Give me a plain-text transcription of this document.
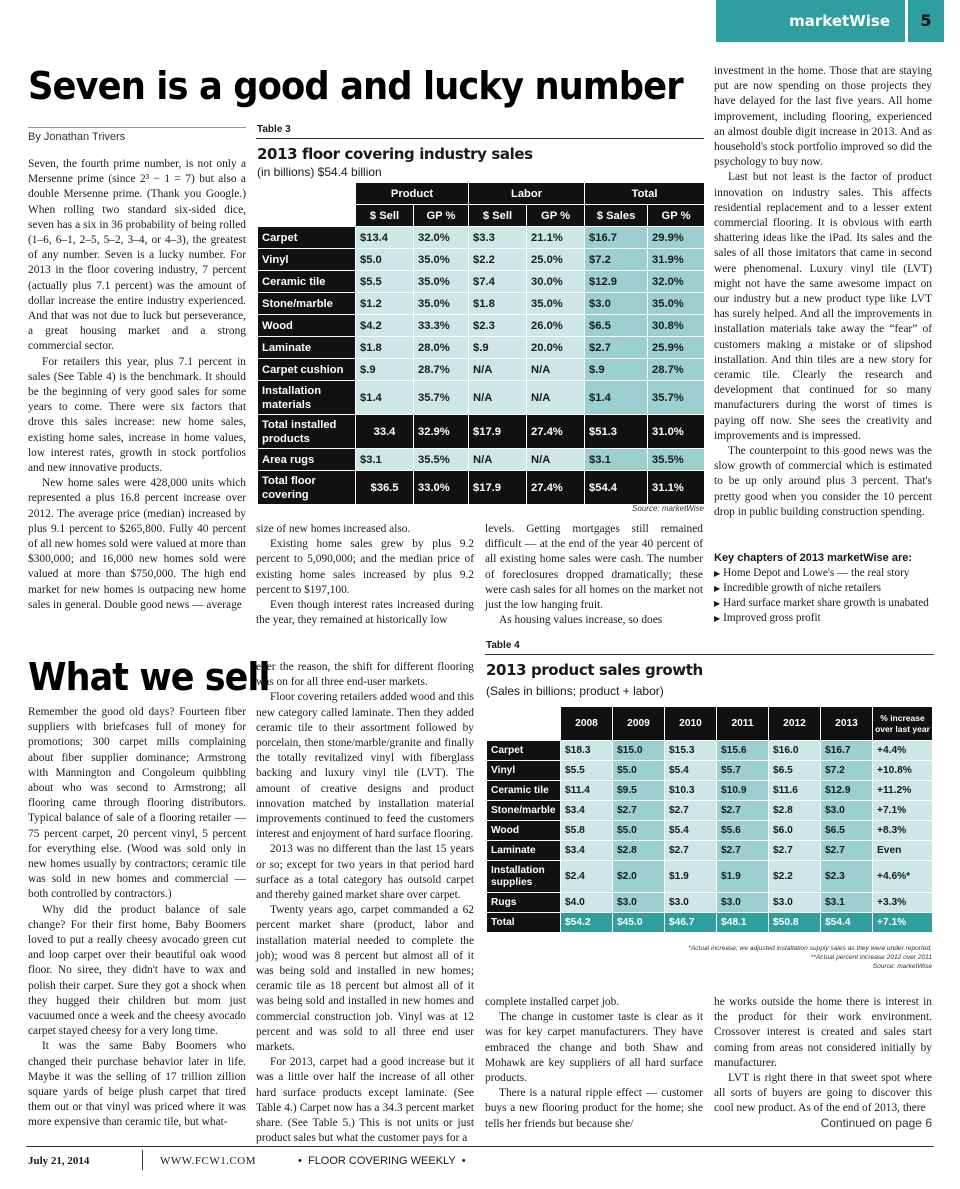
marketWise	5
Seven is a good and lucky number
By Jonathan Trivers

Seven, the fourth prime number, is not only a Mersenne prime (since 2³ − 1 = 7) but also a double Mersenne prime. (Thank you Google.) When rolling two standard six-sided dice, seven has a six in 36 probability of being rolled (1–6, 6–1, 2–5, 5–2, 3–4, or 4–3), the greatest of any number. Seven is a lucky number. For 2013 in the floor covering industry, 7 percent (actually plus 7.1 percent) was the amount of dollar increase the entire industry experienced. And that was not due to luck but perseverance, a great housing market and a strong commercial sector.

For retailers this year, plus 7.1 percent in sales (See Table 4) is the benchmark. It should be the beginning of very good sales for some years to come. There were six factors that drove this sales increase: new home sales, existing home sales, increase in home values, low interest rates, growth in stock portfolios and new innovative products.

New home sales were 428,000 units which represented a plus 16.8 percent increase over 2012. The average price (median) increased by plus 9.1 percent to $265,800. Fully 40 percent of all new homes sold were valued at more than $300,000; and 16,000 new homes sold were valued at more than $750,000. The high end market for new homes is outpacing new home sales in general. Double good news — average

size of new homes increased also.

Existing home sales grew by plus 9.2 percent to 5,090,000; and the median price of existing home sales increased by plus 9.2 percent to $197,100.

Even though interest rates increased during the year, they remained at historically low

levels. Getting mortgages still remained difficult — at the end of the year 40 percent of all existing home sales were cash. The number of foreclosures dropped dramatically; these were cash sales for all homes on the market not just the low hanging fruit.

As housing values increase, so does

investment in the home. Those that are staying put are now spending on those projects they have delayed for the last five years. All home improvement, including flooring, experienced an almost double digit increase in 2013. And as household's stock portfolio improved so did the psychology to buy now.

Last but not least is the factor of product innovation on industry sales. This affects residential replacement and to a lesser extent commercial flooring. It is obvious with earth shattering ideas like the iPad. Its sales and the sales of all those imitators that came in second were phenomenal. Luxury vinyl tile (LVT) might not have the same awesome impact on our industry but a new product type like LVT has surely helped. And all the improvements in installation materials take away the “fear” of customers making a mistake or of slipshod installation. And thin tiles are a new story for ceramic tile. Clearly the research and development that continued for so many manufacturers during the worst of times is paying off now. She sees the creativity and improvements and is impressed.

The counterpoint to this good news was the slow growth of commercial which is estimated to be up only around plus 3 percent. That's pretty good when you consider the 10 percent drop in public building construction spending.

Key chapters of 2013 marketWise are:
▶ Home Depot and Lowe's — the real story
▶ Incredible growth of niche retailers
▶ Hard surface market share growth is unabated
▶ Improved gross profit
Table 3
2013 floor covering industry sales
(in billions) $54.4 billion
	Product		Labor		Total	
	$ Sell	GP %	$ Sell	GP %	$ Sales	GP %
Carpet	$13.4	32.0%	$3.3	21.1%	$16.7	29.9%
Vinyl	$5.0	35.0%	$2.2	25.0%	$7.2	31.9%
Ceramic tile	$5.5	35.0%	$7.4	30.0%	$12.9	32.0%
Stone/marble	$1.2	35.0%	$1.8	35.0%	$3.0	35.0%
Wood	$4.2	33.3%	$2.3	26.0%	$6.5	30.8%
Laminate	$1.8	28.0%	$.9	20.0%	$2.7	25.9%
Carpet cushion	$.9	28.7%	N/A	N/A	$.9	28.7%
Installation materials	$1.4	35.7%	N/A	N/A	$1.4	35.7%
Total installed products	33.4	32.9%	$17.9	27.4%	$51.3	31.0%
Area rugs	$3.1	35.5%	N/A	N/A	$3.1	35.5%
Total floor covering	$36.5	33.0%	$17.9	27.4%	$54.4	31.1%
Source: marketWise
What we sell

Remember the good old days? Fourteen fiber suppliers with briefcases full of money for promotions; 300 carpet mills complaining about fiber supplier dominance; Armstrong with Mannington and Congoleum quibbling about who was second to Armstrong; all flooring came through flooring distributors. Typical balance of sale of a flooring retailer — 75 percent carpet, 20 percent vinyl, 5 percent for everything else. (Wood was sold only in new homes usually by contractors; ceramic tile was sold in new homes and commercial — both controlled by contractors.)

Why did the product balance of sale change? For their first home, Baby Boomers loved to put a really cheesy avocado green cut and loop carpet over their beautiful oak wood floor. No siree, they didn't have to wax and polish their carpet. Sure they got a shock when they hugged their children but mom just vacuumed once a week and the cheesy avocado carpet stayed cheesy for a very long time.

It was the same Baby Boomers who changed their purchase behavior later in life. Maybe it was the selling of 17 trillion zillion square yards of beige plush carpet that tired them out or that vinyl was priced where it was more expensive than ceramic tile, but what-

ever the reason, the shift for different flooring was on for all three end-user markets.

Floor covering retailers added wood and this new category called laminate. Then they added ceramic tile to their assortment followed by porcelain, then stone/marble/granite and finally the totally revitalized vinyl with fiberglass backing and luxury vinyl tile (LVT). The amount of creative designs and product innovation matched by installation material improvements continued to feed the customers interest and enjoyment of hard surface flooring.

2013 was no different than the last 15 years or so; except for two years in that period hard surface as a total category has outsold carpet and thereby gained market share over carpet.

Twenty years ago, carpet commanded a 62 percent market share (product, labor and installation material needed to complete the job); wood was 8 percent but almost all of it was being sold and installed in new homes; ceramic tile as 18 percent but almost all of it was being sold and installed in new homes and commercial construction job. Vinyl was at 12 percent and was sold to all three end user markets.

For 2013, carpet had a good increase but it was a little over half the increase of all other hard surface products except laminate. (See Table 4.) Carpet now has a 34.3 percent market share. (See Table 5.) This is not units or just product sales but what the customer pays for a

complete installed carpet job.

The change in customer taste is clear as it was for key carpet manufacturers. They have embraced the change and both Shaw and Mohawk are key suppliers of all hard surface products.

There is a natural ripple effect — customer buys a new flooring product for the home; she tells her friends but because she/

he works outside the home there is interest in the product for their work environment. Crossover interest is created and sales start coming from areas not considered initially by manufacturer.

LVT is right there in that sweet spot where all sorts of buyers are going to discover this cool new product. As of the end of 2013, there

Continued on page 6
Table 4
2013 product sales growth
(Sales in billions; product + labor)
	2008	2009	2010	2011	2012	2013	% increase
over last year

Carpet	$18.3	$15.0	$15.3	$15.6	$16.0	$16.7	+4.4%
Vinyl	$5.5	$5.0	$5.4	$5.7	$6.5	$7.2	+10.8%
Ceramic tile	$11.4	$9.5	$10.3	$10.9	$11.6	$12.9	+11.2%
Stone/marble	$3.4	$2.7	$2.7	$2.7	$2.8	$3.0	+7.1%
Wood	$5.8	$5.0	$5.4	$5.6	$6.0	$6.5	+8.3%
Laminate	$3.4	$2.8	$2.7	$2.7	$2.7	$2.7	Even
Installation supplies	$2.4	$2.0	$1.9	$1.9	$2.2	$2.3	+4.6%*
Rugs	$4.0	$3.0	$3.0	$3.0	$3.0	$3.1	+3.3%
Total	$54.2	$45.0	$46.7	$48.1	$50.8	$54.4	+7.1%
*Actual increase; we adjusted installation supply sales as they were under reported.
**Actual percent increase 2012 over 2011
Source: marketWise
July 21, 2014	WWW.FCW1.COM	•  FLOOR COVERING WEEKLY  •
